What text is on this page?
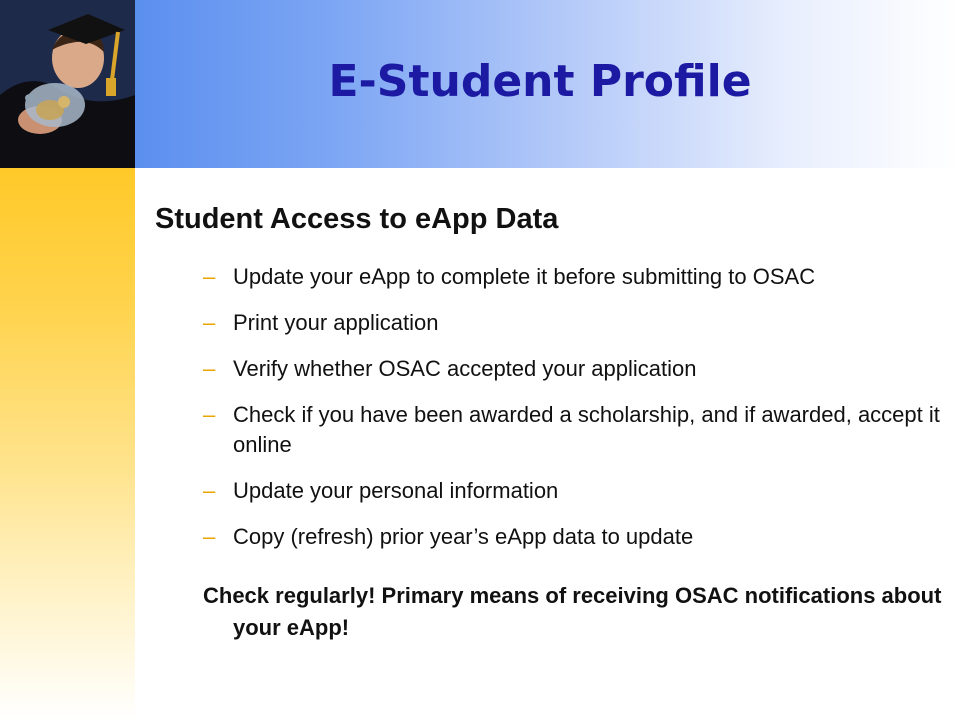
E-Student Profile
Student Access to eApp Data
– Update your eApp to complete it before submitting to OSAC
– Print your application
– Verify whether OSAC accepted your application
– Check if you have been awarded a scholarship, and if awarded, accept it online
– Update your personal information
– Copy (refresh) prior year’s eApp data to update
Check regularly! Primary means of receiving OSAC notifications about your eApp!
